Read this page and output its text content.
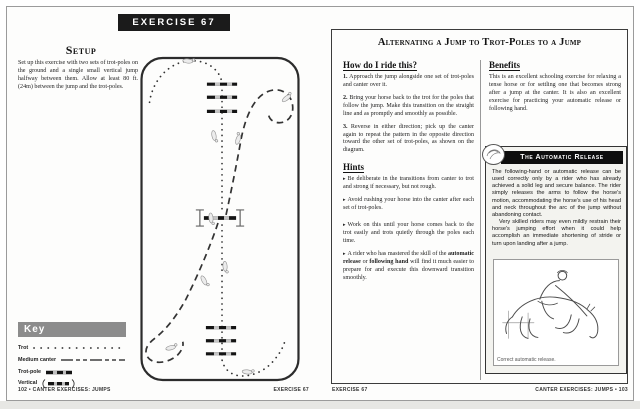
EXERCISE 67
Setup
Set up this exercise with two sets of trot-poles on the ground and a single small vertical jump halfway between them. Allow at least 80 ft. (24m) between the jump and the trot-poles.
Key
Trot
Medium canter
Trot-pole
Vertical
102 • CANTER EXERCISES: JUMPS	EXERCISE 67
Alternating a Jump to Trot-Poles to a Jump
How do I ride this?

1. Approach the jump alongside one set of trot-poles and canter over it.

2. Bring your horse back to the trot for the poles that follow the jump. Make this transition on the straight line and as promptly and smoothly as possible.

3. Reverse in either direction; pick up the canter again to repeat the pattern in the opposite direction toward the other set of trot-poles, as shown on the diagram.

Hints

▸ Be deliberate in the transitions from canter to trot and strong if necessary, but not rough.

▸ Avoid rushing your horse into the canter after each set of trot-poles.

▸ Work on this until your horse comes back to the trot easily and trots quietly through the poles each time.

▸ A rider who has mastered the skill of the automatic release or following hand will find it much easier to prepare for and execute this downward transition smoothly.

Benefits

This is an excellent schooling exercise for relaxing a tense horse or for settling one that becomes strong after a jump at the canter. It is also an excellent exercise for practicing your automatic release or following hand.

The Automatic Release
The following-hand or automatic release can be used correctly only by a rider who has already achieved a solid leg and secure balance. The rider simply releases the arms to follow the horse's motion, accommodating the horse's use of his head and neck throughout the arc of the jump without abandoning contact.
Very skilled riders may even mildly restrain their horse's jumping effort when it could help accomplish an immediate shortening of stride or turn upon landing after a jump.
Correct automatic release.
EXERCISE 67	CANTER EXERCISES: JUMPS • 103
